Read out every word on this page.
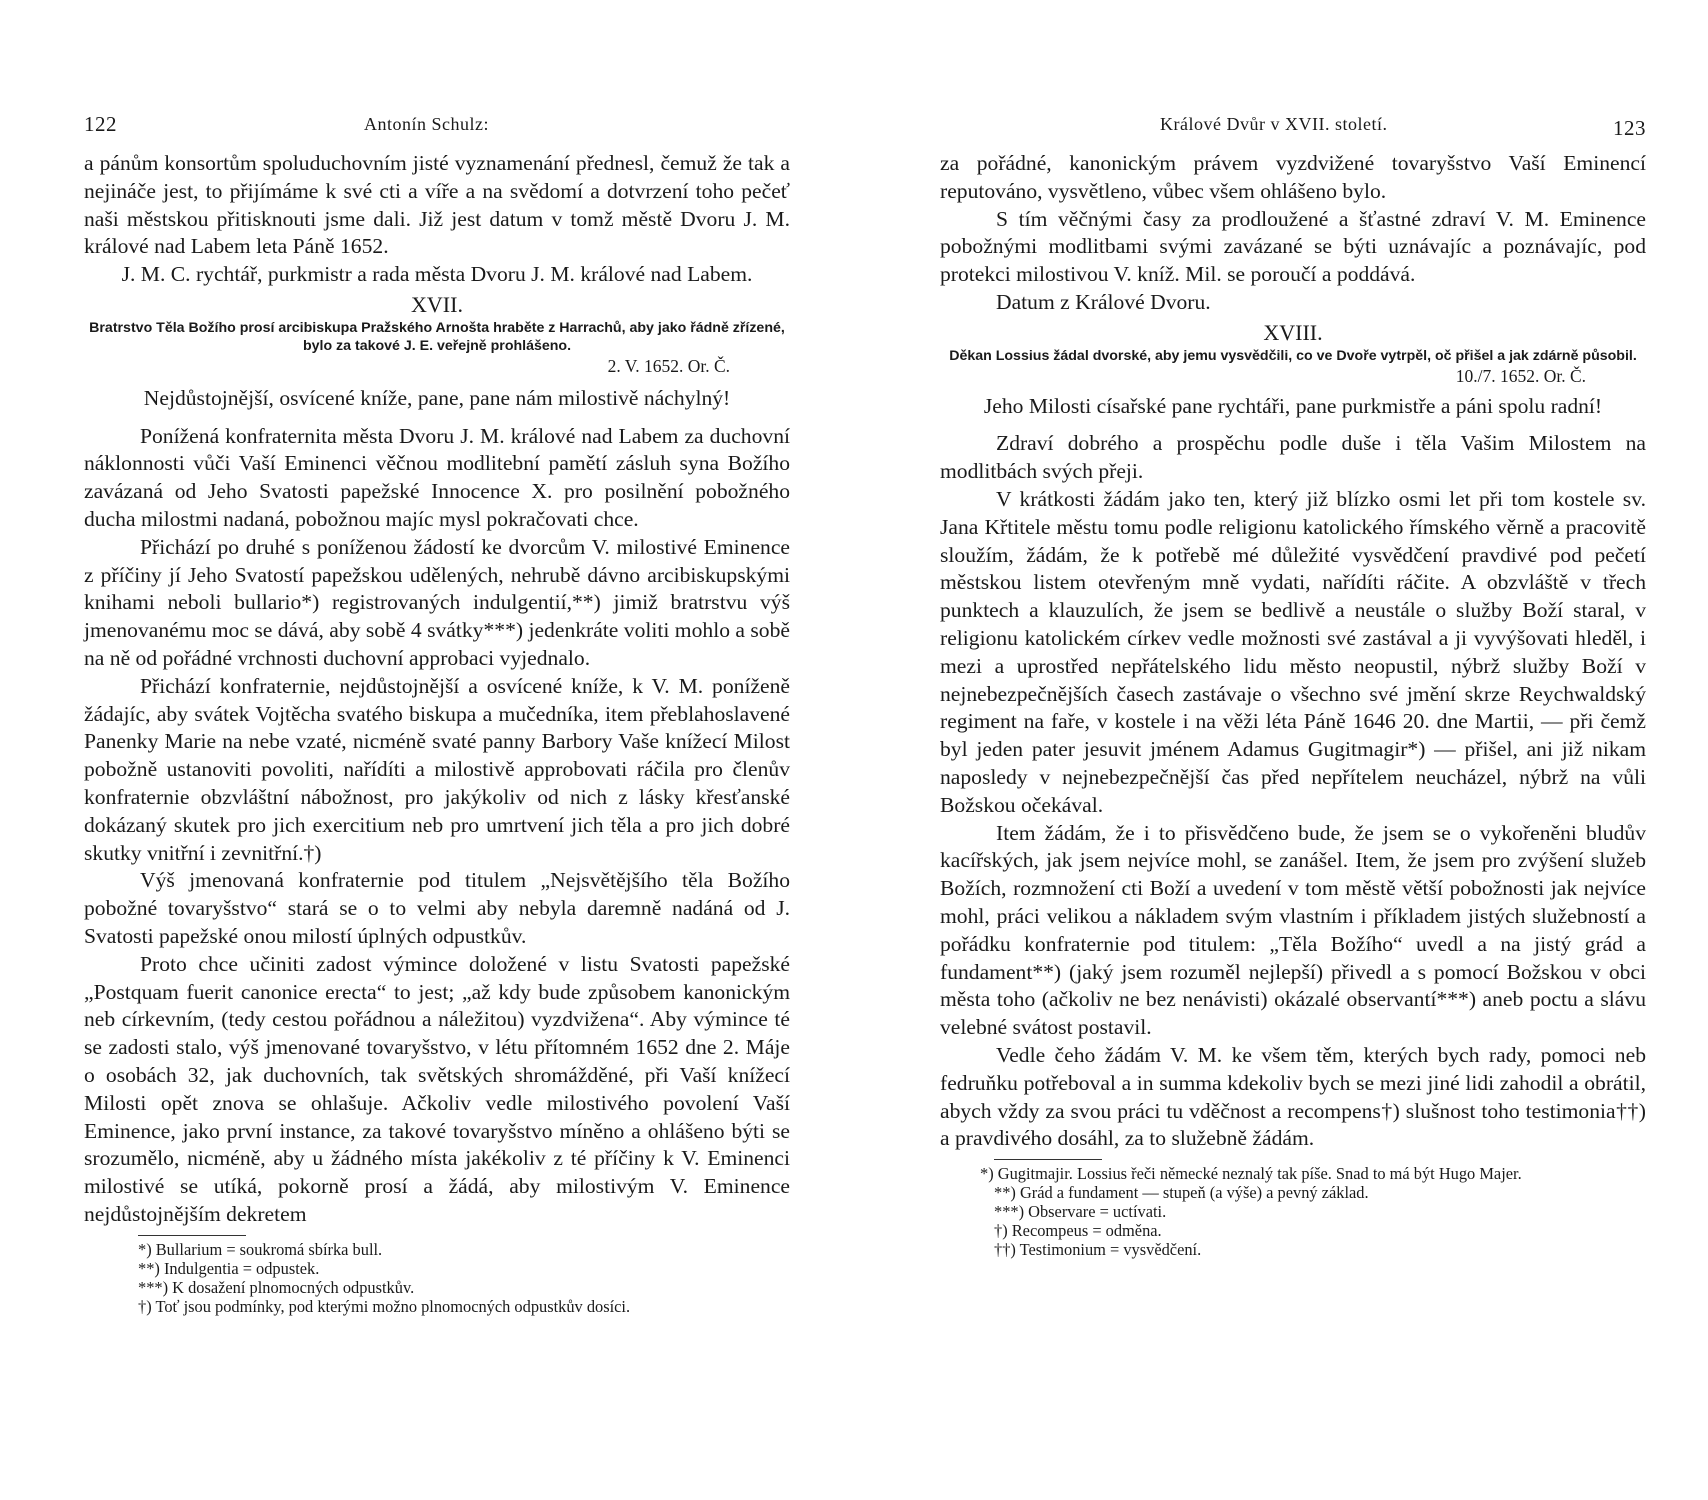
122	Antonín Schulz:

a pánům konsortům spoluduchovním jisté vyznamenání přednesl, čemuž že tak a nejináče jest, to přijímáme k své cti a víře a na svědomí a dotvrzení toho pečeť naši městskou přitisknouti jsme dali. Již jest datum v tomž městě Dvoru J. M. králové nad Labem leta Páně 1652.

J. M. C. rychtář, purkmistr a rada města Dvoru J. M. králové nad Labem.

XVII.

Bratrstvo Těla Božího prosí arcibiskupa Pražského Arnošta hraběte z Harrachů, aby jako řádně zřízené, bylo za takové J. E. veřejně prohlášeno.

2. V. 1652. Or. Č.

Nejdůstojnější, osvícené kníže, pane, pane nám milostivě náchylný!

Ponížená konfraternita města Dvoru J. M. králové nad Labem za duchovní náklonnosti vůči Vaší Eminenci věčnou modlitební pamětí zásluh syna Božího zavázaná od Jeho Svatosti papežské Innocence X. pro posilnění pobožného ducha milostmi nadaná, pobožnou majíc mysl pokračovati chce.

Přichází po druhé s poníženou žádostí ke dvorcům V. milostivé Eminence z příčiny jí Jeho Svatostí papežskou udělených, nehrubě dávno arcibiskupskými knihami neboli bullario*) registrovaných indulgentií,**) jimiž bratrstvu výš jmenovanému moc se dává, aby sobě 4 svátky***) jedenkráte voliti mohlo a sobě na ně od pořádné vrchnosti duchovní approbaci vyjednalo.

Přichází konfraternie, nejdůstojnější a osvícené kníže, k V. M. poníženě žádajíc, aby svátek Vojtěcha svatého biskupa a mučedníka, item přeblahoslavené Panenky Marie na nebe vzaté, nicméně svaté panny Barbory Vaše knížecí Milost pobožně ustanoviti povoliti, nařídíti a milostivě approbovati ráčila pro členův konfraternie obzvláštní nábožnost, pro jakýkoliv od nich z lásky křesťanské dokázaný skutek pro jich exercitium neb pro umrtvení jich těla a pro jich dobré skutky vnitřní i zevnitřní.†)

Výš jmenovaná konfraternie pod titulem „Nejsvětějšího těla Božího pobožné tovaryšstvo“ stará se o to velmi aby nebyla daremně nadáná od J. Svatosti papežské onou milostí úplných odpustkův.

Proto chce učiniti zadost výmince doložené v listu Svatosti papežské „Postquam fuerit canonice erecta“ to jest; „až kdy bude způsobem kanonickým neb církevním, (tedy cestou pořádnou a náležitou) vyzdvižena“. Aby výmince té se zadosti stalo, výš jmenované tovaryšstvo, v létu přítomném 1652 dne 2. Máje o osobách 32, jak duchovních, tak světských shromážděné, při Vaší knížecí Milosti opět znova se ohlašuje. Ačkoliv vedle milostivého povolení Vaší Eminence, jako první instance, za takové tovaryšstvo míněno a ohlášeno býti se srozumělo, nicméně, aby u žádného místa jakékoliv z té příčiny k V. Eminenci milostivé se utíká, pokorně prosí a žádá, aby milostivým V. Eminence nejdůstojnějším dekretem

*) Bullarium = soukromá sbírka bull.

**) Indulgentia = odpustek.

***) K dosažení plnomocných odpustkův.

†) Toť jsou podmínky, pod kterými možno plnomocných odpustkův dosíci.

Králové Dvůr v XVII. století.	123

za pořádné, kanonickým právem vyzdvižené tovaryšstvo Vaší Eminencí reputováno, vysvětleno, vůbec všem ohlášeno bylo.

S tím věčnými časy za prodloužené a šťastné zdraví V. M. Eminence pobožnými modlitbami svými zavázané se býti uznávajíc a poznávajíc, pod protekci milostivou V. kníž. Mil. se poroučí a poddává.

Datum z Králové Dvoru.

XVIII.

Děkan Lossius žádal dvorské, aby jemu vysvědčili, co ve Dvoře vytrpěl, oč přišel a jak zdárně působil.

10./7. 1652. Or. Č.

Jeho Milosti císařské pane rychtáři, pane purkmistře a páni spolu radní!

Zdraví dobrého a prospěchu podle duše i těla Vašim Milostem na modlitbách svých přeji.

V krátkosti žádám jako ten, který již blízko osmi let při tom kostele sv. Jana Křtitele městu tomu podle religionu katolického římského věrně a pracovitě sloužím, žádám, že k potřebě mé důležité vysvědčení pravdivé pod pečetí městskou listem otevřeným mně vydati, nařídíti ráčite. A obzvláště v třech punktech a klauzulích, že jsem se bedlivě a neustále o služby Boží staral, v religionu katolickém církev vedle možnosti své zastával a ji vyvýšovati hleděl, i mezi a uprostřed nepřátelského lidu město neopustil, nýbrž služby Boží v nejnebezpečnějších časech zastávaje o všechno své jmění skrze Reychwaldský regiment na faře, v kostele i na věži léta Páně 1646 20. dne Martii, — při čemž byl jeden pater jesuvit jménem Adamus Gugitmagir*) — přišel, ani již nikam naposledy v nejnebezpečnější čas před nepřítelem neucházel, nýbrž na vůli Božskou očekával.

Item žádám, že i to přisvědčeno bude, že jsem se o vykořeněni bludův kacířských, jak jsem nejvíce mohl, se zanášel. Item, že jsem pro zvýšení služeb Božích, rozmnožení cti Boží a uvedení v tom městě větší pobožnosti jak nejvíce mohl, práci velikou a nákladem svým vlastním i příkladem jistých služebností a pořádku konfraternie pod titulem: „Těla Božího“ uvedl a na jistý grád a fundament**) (jaký jsem rozuměl nejlepší) přivedl a s pomocí Božskou v obci města toho (ačkoliv ne bez nenávisti) okázalé observantí***) aneb poctu a slávu velebné svátost postavil.

Vedle čeho žádám V. M. ke všem těm, kterých bych rady, pomoci neb fedruňku potřeboval a in summa kdekoliv bych se mezi jiné lidi zahodil a obrátil, abych vždy za svou práci tu vděčnost a recompens†) slušnost toho testimonia††) a pravdivého dosáhl, za to služebně žádám.

*) Gugitmajir. Lossius řeči německé neznalý tak píše. Snad to má být Hugo Majer.

**) Grád a fundament — stupeň (a výše) a pevný základ.

***) Observare = uctívati.

†) Recompeus = odměna.

††) Testimonium = vysvědčení.
